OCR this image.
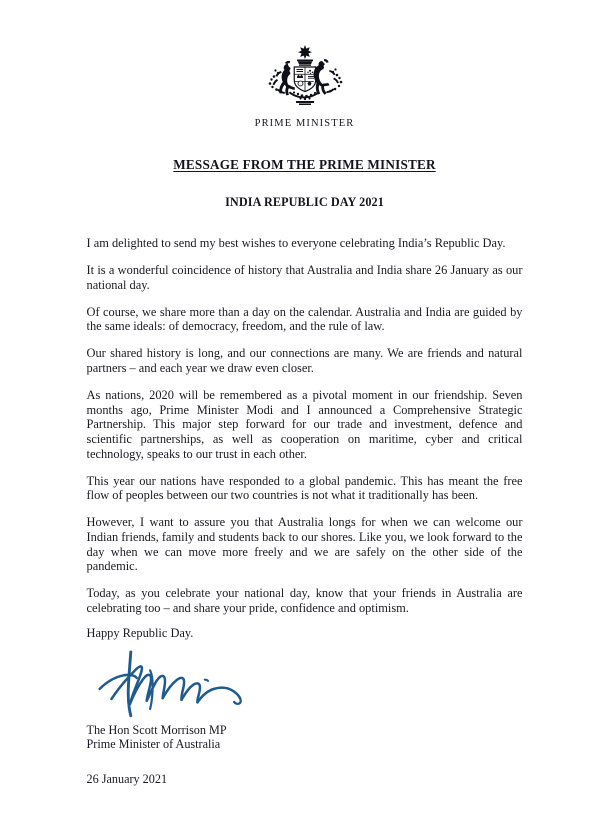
PRIME MINISTER
MESSAGE FROM THE PRIME MINISTER
INDIA REPUBLIC DAY 2021

I am delighted to send my best wishes to everyone celebrating India’s Republic Day.

It is a wonderful coincidence of history that Australia and India share 26 January as our national day.

Of course, we share more than a day on the calendar. Australia and India are guided by the same ideals: of democracy, freedom, and the rule of law.

Our shared history is long, and our connections are many. We are friends and natural partners – and each year we draw even closer.

As nations, 2020 will be remembered as a pivotal moment in our friendship. Seven months ago, Prime Minister Modi and I announced a Comprehensive Strategic Partnership. This major step forward for our trade and investment, defence and scientific partnerships, as well as cooperation on maritime, cyber and critical technology, speaks to our trust in each other.

This year our nations have responded to a global pandemic. This has meant the free flow of peoples between our two countries is not what it traditionally has been.

However, I want to assure you that Australia longs for when we can welcome our Indian friends, family and students back to our shores. Like you, we look forward to the day when we can move more freely and we are safely on the other side of the pandemic.

Today, as you celebrate your national day, know that your friends in Australia are celebrating too – and share your pride, confidence and optimism.

Happy Republic Day.
The Hon Scott Morrison MP
Prime Minister of Australia
26 January 2021
